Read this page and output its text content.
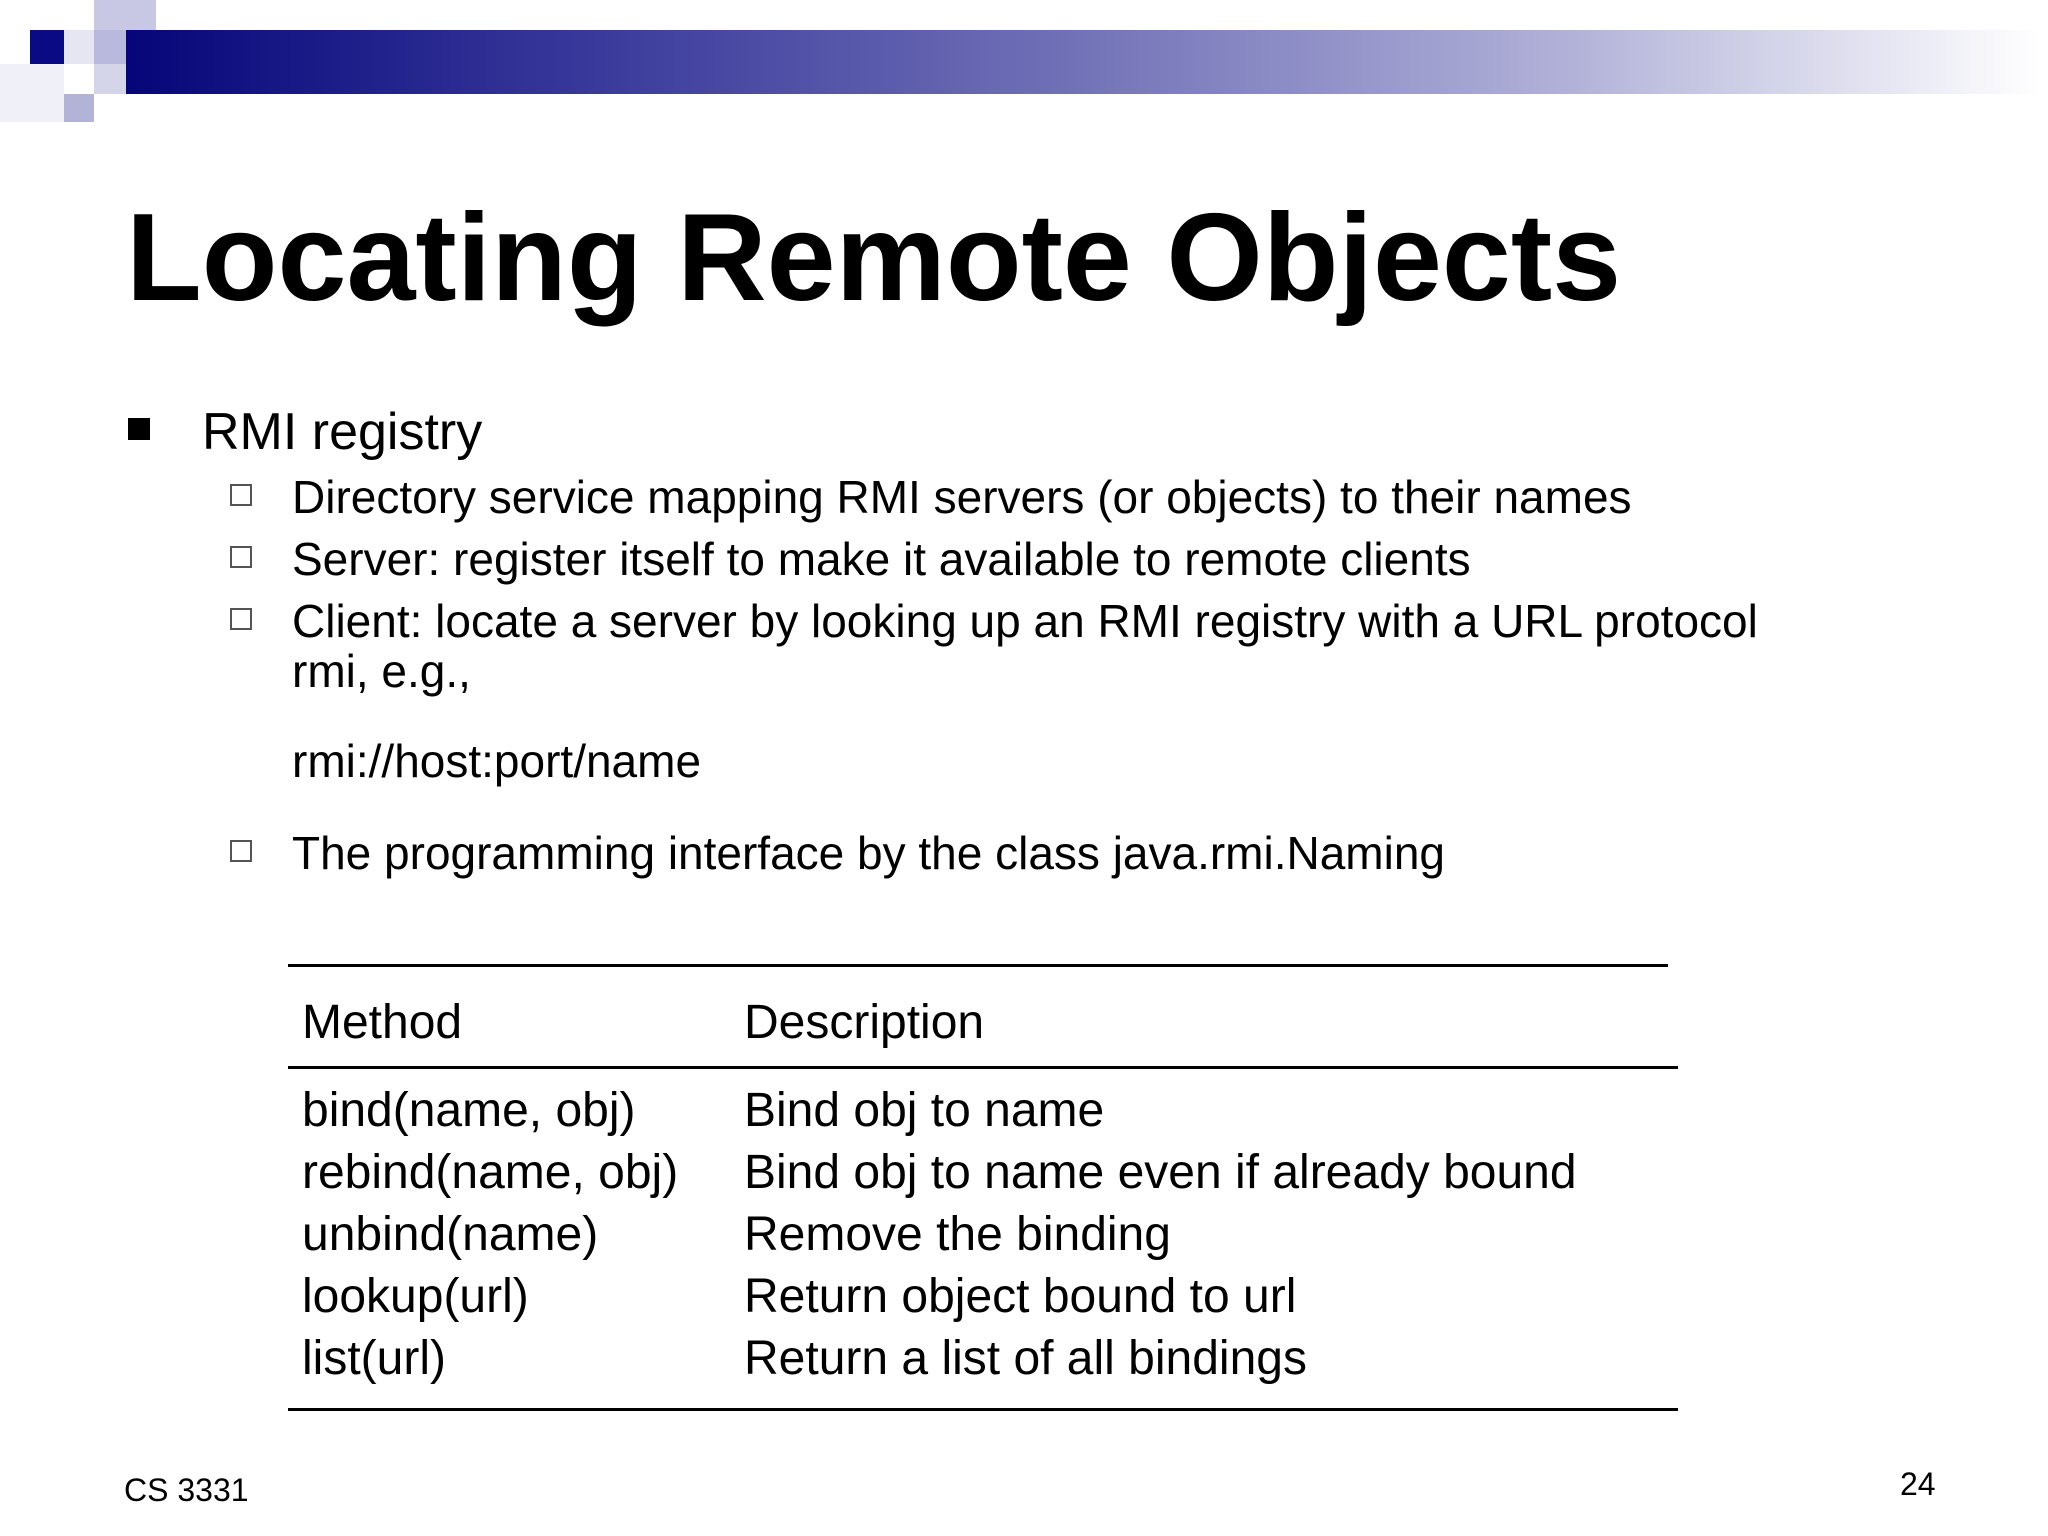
Locating Remote Objects
RMI registry
Directory service mapping RMI servers (or objects) to their names
Server: register itself to make it available to remote clients
Client: locate a server by looking up an RMI registry with a URL protocol
rmi, e.g.,
rmi://host:port/name
The programming interface by the class java.rmi.Naming
Method	Description
bind(name, obj) Bind obj to name
rebind(name, obj) Bind obj to name even if already bound
unbind(name)	Remove the binding
lookup(url)	Return object bound to url
list(url)	Return a list of all bindings
CS 3331	24
